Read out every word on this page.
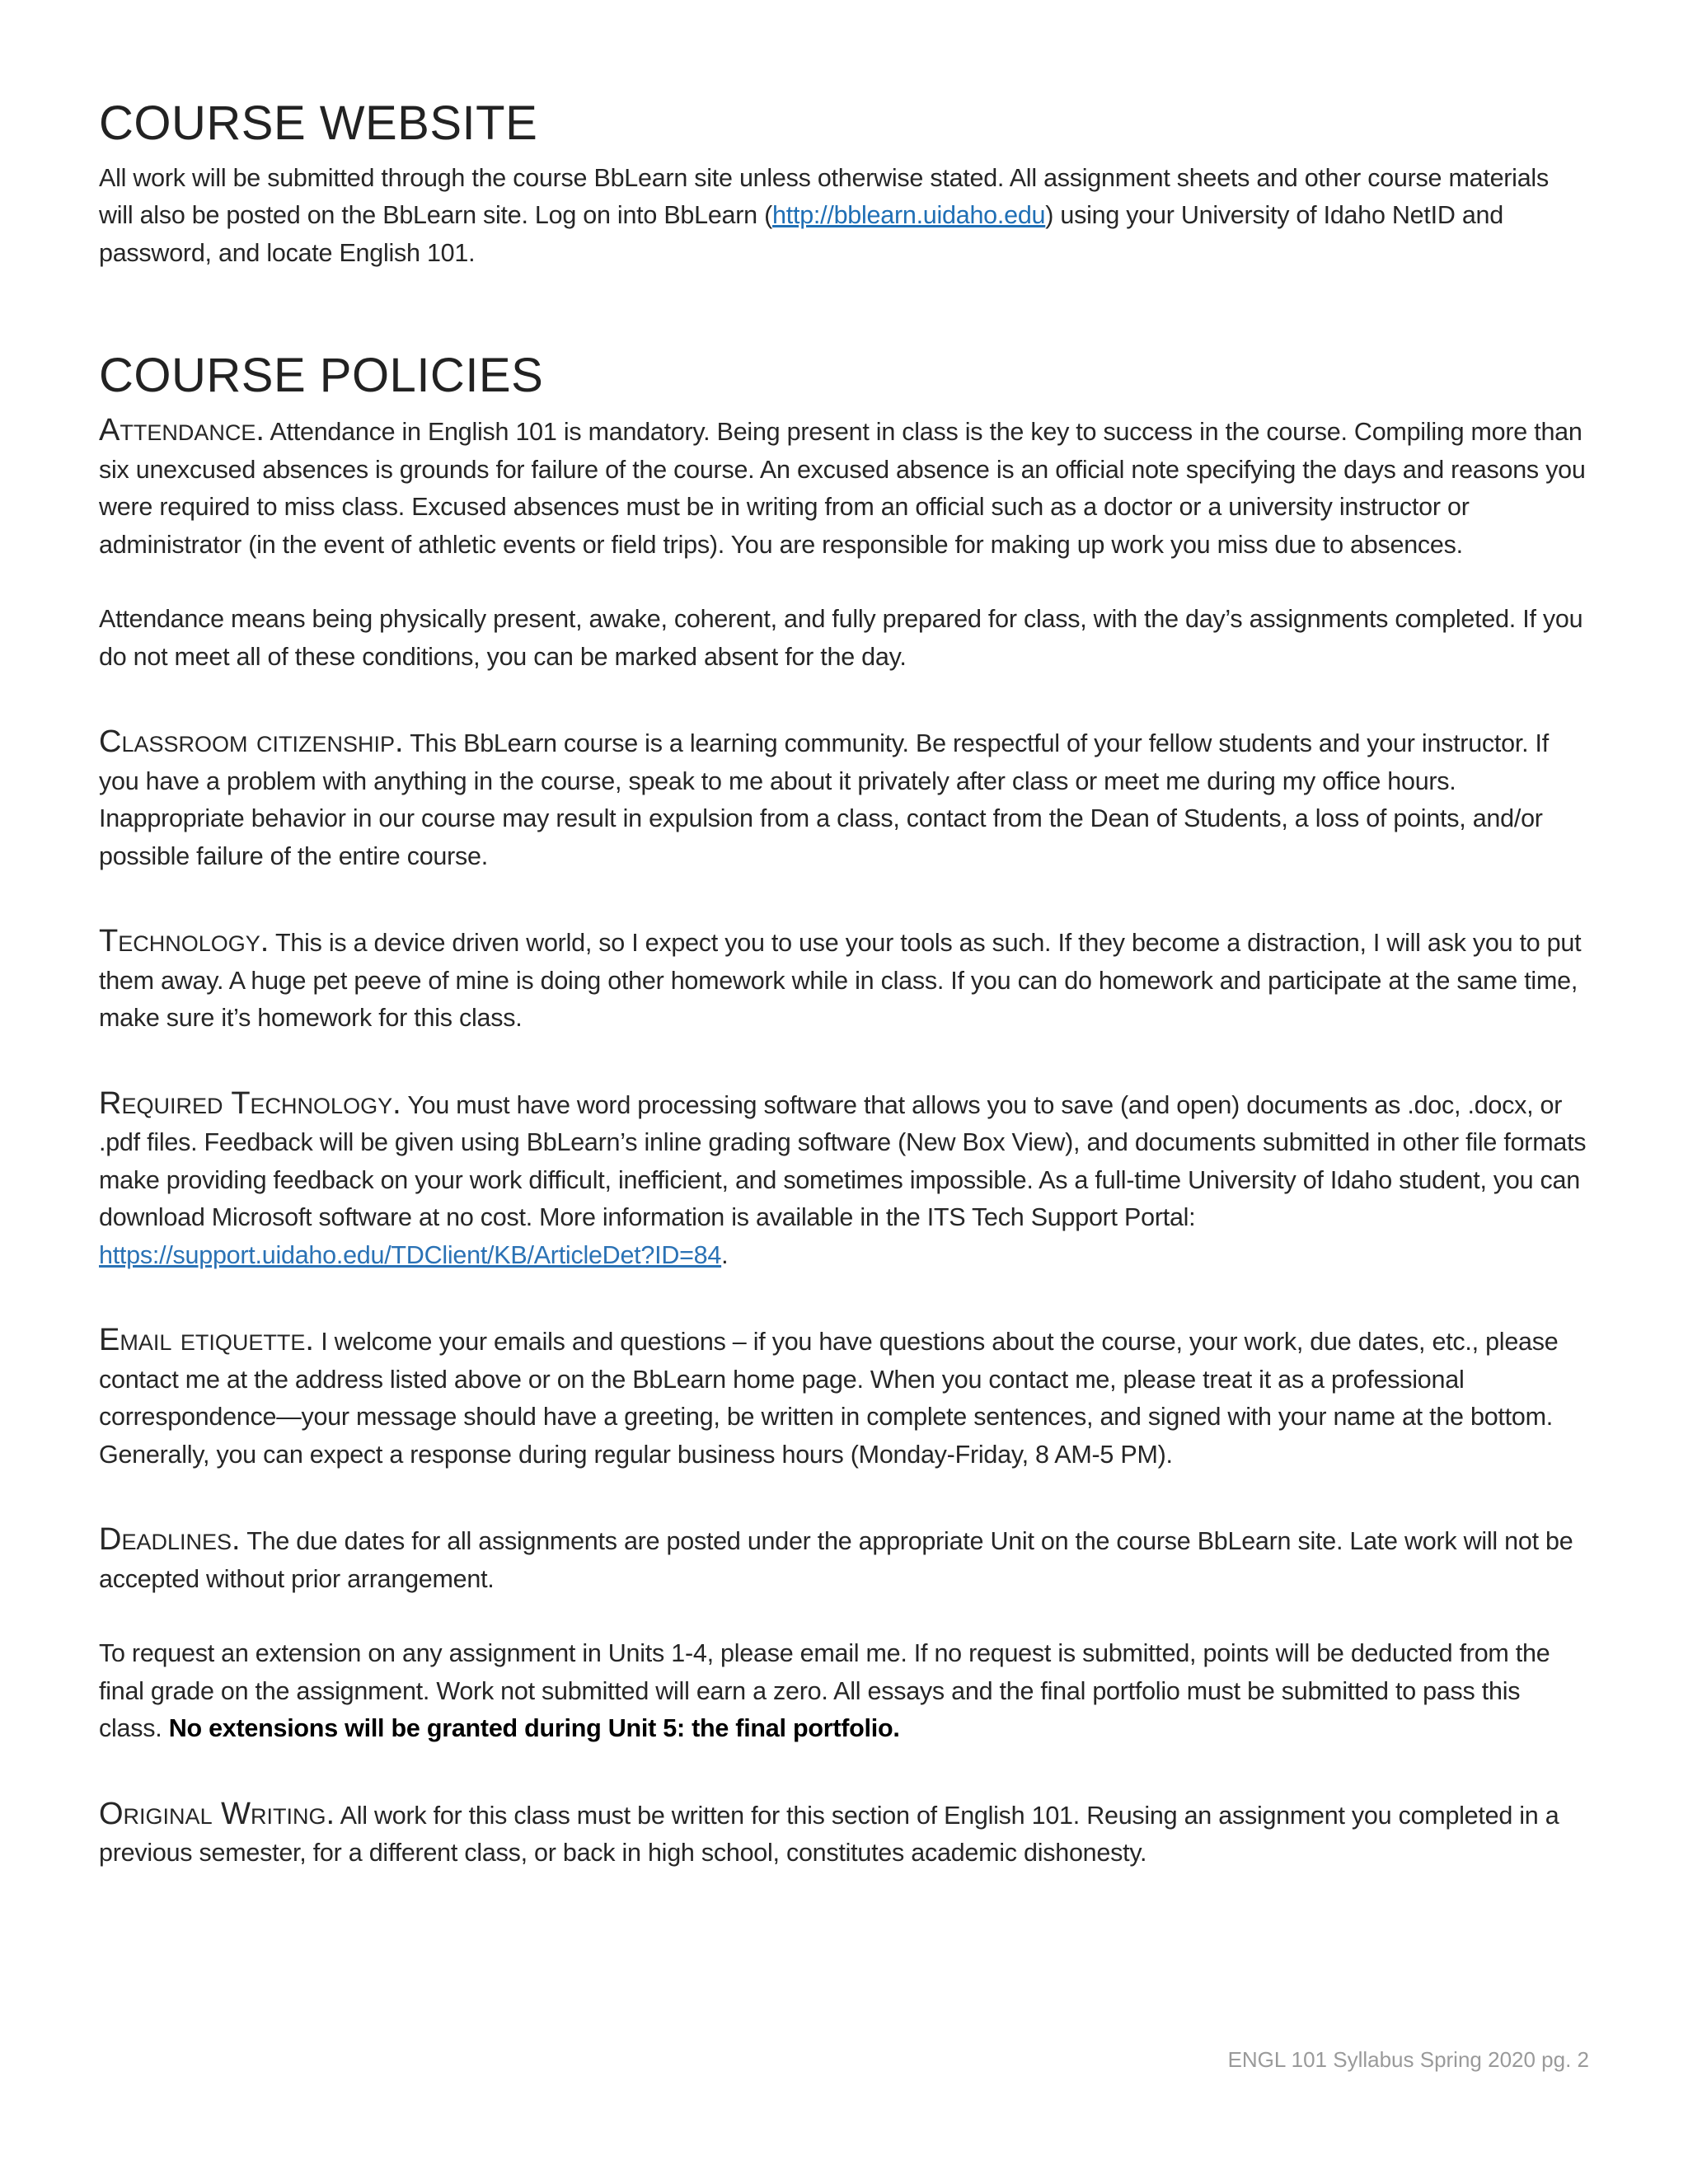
COURSE WEBSITE

All work will be submitted through the course BbLearn site unless otherwise stated. All assignment sheets and other course materials will also be posted on the BbLearn site. Log on into BbLearn (http://bblearn.uidaho.edu) using your University of Idaho NetID and password, and locate English 101.

COURSE POLICIES

Attendance. Attendance in English 101 is mandatory. Being present in class is the key to success in the course. Compiling more than six unexcused absences is grounds for failure of the course. An excused absence is an official note specifying the days and reasons you were required to miss class. Excused absences must be in writing from an official such as a doctor or a university instructor or administrator (in the event of athletic events or field trips). You are responsible for making up work you miss due to absences.

Attendance means being physically present, awake, coherent, and fully prepared for class, with the day’s assignments completed. If you do not meet all of these conditions, you can be marked absent for the day.

Classroom citizenship. This BbLearn course is a learning community. Be respectful of your fellow students and your instructor. If you have a problem with anything in the course, speak to me about it privately after class or meet me during my office hours. Inappropriate behavior in our course may result in expulsion from a class, contact from the Dean of Students, a loss of points, and/or possible failure of the entire course.

Technology. This is a device driven world, so I expect you to use your tools as such. If they become a distraction, I will ask you to put them away. A huge pet peeve of mine is doing other homework while in class. If you can do homework and participate at the same time, make sure it’s homework for this class.

Required Technology. You must have word processing software that allows you to save (and open) documents as .doc, .docx, or .pdf files. Feedback will be given using BbLearn’s inline grading software (New Box View), and documents submitted in other file formats make providing feedback on your work difficult, inefficient, and sometimes impossible. As a full-time University of Idaho student, you can download Microsoft software at no cost. More information is available in the ITS Tech Support Portal: https://support.uidaho.edu/TDClient/KB/ArticleDet?ID=84.

Email etiquette. I welcome your emails and questions – if you have questions about the course, your work, due dates, etc., please contact me at the address listed above or on the BbLearn home page. When you contact me, please treat it as a professional correspondence—your message should have a greeting, be written in complete sentences, and signed with your name at the bottom. Generally, you can expect a response during regular business hours (Monday-Friday, 8 AM-5 PM).

Deadlines. The due dates for all assignments are posted under the appropriate Unit on the course BbLearn site. Late work will not be accepted without prior arrangement.

To request an extension on any assignment in Units 1-4, please email me. If no request is submitted, points will be deducted from the final grade on the assignment. Work not submitted will earn a zero. All essays and the final portfolio must be submitted to pass this class. No extensions will be granted during Unit 5: the final portfolio.

Original Writing. All work for this class must be written for this section of English 101. Reusing an assignment you completed in a previous semester, for a different class, or back in high school, constitutes academic dishonesty.

ENGL 101 Syllabus Spring 2020 pg. 2
